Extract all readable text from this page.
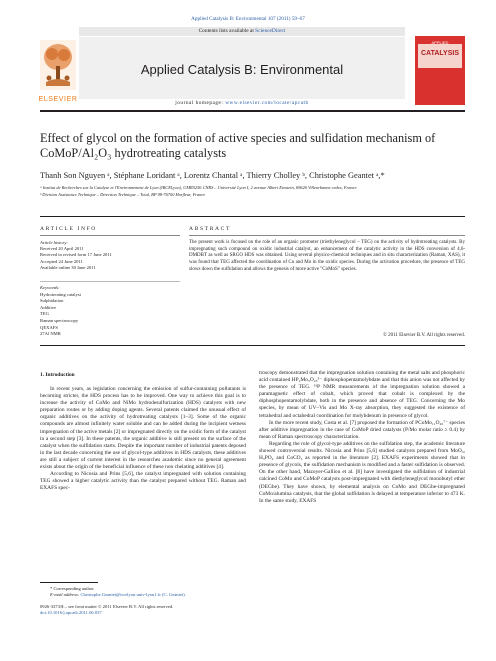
Applied Catalysis B: Environmental 107 (2011) 59–67
Contents lists available at ScienceDirect
ELSEVIER
Applied Catalysis B: Environmental
journal homepage: www.elsevier.com/locate/apcatb
APPLIED
CATALYSIS
Effect of glycol on the formation of active species and sulfidation mechanism of CoMoP/Al₂O₃ hydrotreating catalysts
Thanh Son Nguyen ᵃ, Stéphane Loridant ᵃ, Lorentz Chantal ᵃ, Thierry Cholley ᵇ, Christophe Geantet ᵃ,*
ᵃ Institut de Recherches sur la Catalyse et l'Environnement de Lyon (IRCELyon), UMR5256 CNRS – Université Lyon I, 2 avenue Albert Einstein, 69626 Villeurbanne cedex, France
ᵇ Division Assistance Technique – Direction Technique – Total, BP 98-76700 Harfleur, France
ARTICLE INFO	ABSTRACT
Article history:
Received 20 April 2011
Received in revised form 17 June 2011
Accepted 24 June 2011
Available online 30 June 2011
Keywords:
Hydrotreating catalyst
Sulphidation
Additive
TEG
Raman spectroscopy
QEXAFS
27Al NMR
The present work is focused on the role of an organic promoter (triethyleneglycol – TEG) on the activity of hydrotreating catalysts. By impregnating such compound on oxidic industrial catalyst, an enhancement of the catalytic activity in the HDS conversion of 4,6-DMDBT as well as SRGO HDS was obtained. Using several physico-chemical techniques and in situ characterization (Raman, XAS), it was found that TEG affected the coordination of Co and Mo in the oxidic species. During the activation procedure, the presence of TEG slows down the sulfidation and allows the genesis of more active "CoMoS" species.
© 2011 Elsevier B.V. All rights reserved.
1. Introduction

In recent years, as legislation concerning the emission of sulfur-containing pollutants is becoming stricter, the HDS process has to be improved. One way to achieve this goal is to increase the activity of CoMo and NiMo hydrodesulfurization (HDS) catalysts with new preparation routes or by adding doping agents. Several patents claimed the unusual effect of organic additives on the activity of hydrotreating catalysts [1–3]. Some of the organic compounds are almost infinitely water soluble and can be added during the incipient wetness impregnation of the active metals [2] or impregnated directly on the oxidic form of the catalyst in a second step [3]. In these patents, the organic additive is still present on the surface of the catalyst when the sulfidation starts. Despite the important number of industrial patents deposed in the last decade concerning the use of glycol-type additives in HDS catalysts, these additives are still a subject of current interest in the researches academic since no general agreement exists about the origin of the beneficial influence of these non chelating additives [4].

According to Nicosia and Prins [5,6], the catalyst impregnated with solution containing TEG showed a higher catalytic activity than the catalyst prepared without TEG. Raman and EXAFS spec-

troscopy demonstrated that the impregnation solution containing the metal salts and phosphoric acid contained HP₂Mo₅O₂₃⁵⁻ diphosphopentamolybdate and that this anion was not affected by the presence of TEG. ³¹P NMR measurements of the impregnation solution showed a paramagnetic effect of cobalt, which proved that cobalt is complexed by the diphosphopentamolybdate, both in the presence and absence of TEG. Concerning the Mo species, by mean of UV–Vis and Mo X-ray absorption, they suggested the existence of tetrahedral and octahedral coordination for molybdenum in presence of glycol.

In the more recent study, Costa et al. [7] proposed the formation of PCoMo₁₁O₄₀⁷⁻ species after additive impregnation in the case of CoMoP dried catalysts (P/Mo molar ratio ≥ 0.4) by mean of Raman spectroscopy characterization.

Regarding the role of glycol-type additives on the sulfidation step, the academic literature showed controversial results. Nicosia and Prins [5,6] studied catalysts prepared from MoO₃, H₃PO₄ and CoCO₃ as reported in the literature [2]. EXAFS experiments showed that in presence of glycols, the sulfidation mechanism is modified and a faster sulfidation is observed. On the other hand, Mazoyer-Galliou et al. [8] have investigated the sulfidation of industrial calcined CoMo and CoMoP catalysts post-impregnated with diethyleneglycol monobutyl ether (DEGbe). They have shown, by elemental analysis on CoMo and DEGbe-impregnated CoMo/alumina catalysts, that the global sulfidation is delayed at temperature inferior to 473 K. In the same study, EXAFS

* Corresponding author.
E-mail address: Christophe.Geantet@ircelyon.univ-lyon1.fr (C. Geantet).
0926-3373/$ – see front matter © 2011 Elsevier B.V. All rights reserved.
doi:10.1016/j.apcatb.2011.06.037
